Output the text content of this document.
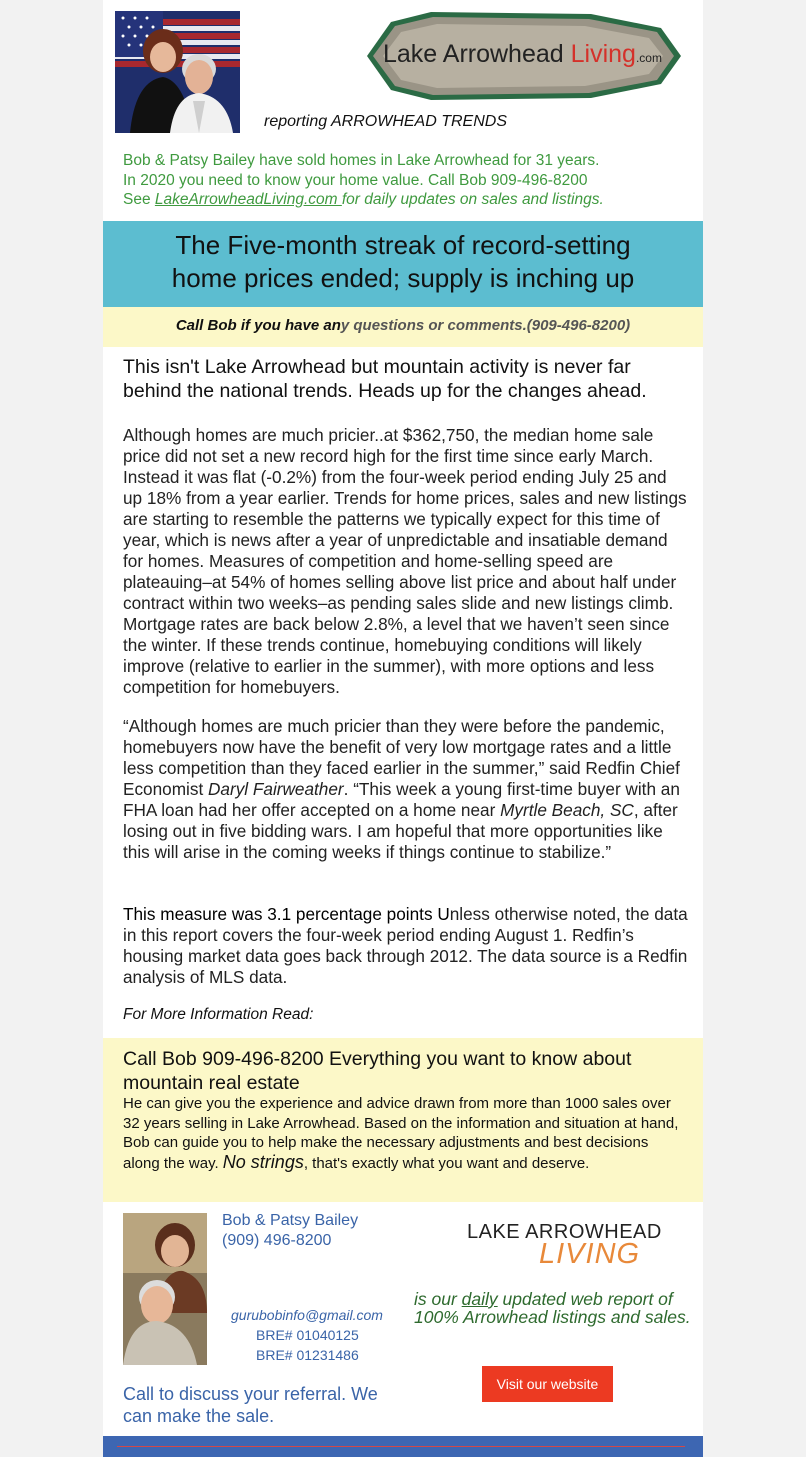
Lake Arrowhead Living.com
reporting ARROWHEAD TRENDS
Bob & Patsy Bailey have sold homes in Lake Arrowhead for 31 years.
In 2020 you need to know your home value. Call Bob 909-496-8200
See LakeArrowheadLiving.com for daily updates on sales and listings.
The Five-month streak of record-setting
home prices ended; supply is inching up
Call Bob if you have any questions or comments.(909-496-8200)
This isn't Lake Arrowhead but mountain activity is never far behind the national trends. Heads up for the changes ahead.
Although homes are much pricier..at $362,750, the median home sale price did not set a new record high for the first time since early March. Instead it was flat (-0.2%) from the four-week period ending July 25 and up 18% from a year earlier. Trends for home prices, sales and new listings are starting to resemble the patterns we typically expect for this time of year, which is news after a year of unpredictable and insatiable demand for homes. Measures of competition and home-selling speed are plateauing–at 54% of homes selling above list price and about half under contract within two weeks–as pending sales slide and new listings climb. Mortgage rates are back below 2.8%, a level that we haven’t seen since the winter. If these trends continue, homebuying conditions will likely improve (relative to earlier in the summer), with more options and less competition for homebuyers.
“Although homes are much pricier than they were before the pandemic, homebuyers now have the benefit of very low mortgage rates and a little less competition than they faced earlier in the summer,” said Redfin Chief Economist Daryl Fairweather. “This week a young first-time buyer with an FHA loan had her offer accepted on a home near Myrtle Beach, SC, after losing out in five bidding wars. I am hopeful that more opportunities like this will arise in the coming weeks if things continue to stabilize.”
This measure was 3.1 percentage points Unless otherwise noted, the data in this report covers the four-week period ending August 1. Redfin’s housing market data goes back through 2012. The data source is a Redfin analysis of MLS data.
For More Information Read:
Call Bob 909-496-8200 Everything you want to know about mountain real estate
He can give you the experience and advice drawn from more than 1000 sales over 32 years selling in Lake Arrowhead. Based on the information and situation at hand, Bob can guide you to help make the necessary adjustments and best decisions along the way. No strings, that's exactly what you want and deserve.
Bob & Patsy Bailey
(909) 496-8200
gurubobinfo@gmail.com
BRE# 01040125
BRE# 01231486
Call to discuss your referral. We can make the sale.
LAKE ARROWHEAD
LIVING
is our daily updated web report of 100% Arrowhead listings and sales.
Visit our website
